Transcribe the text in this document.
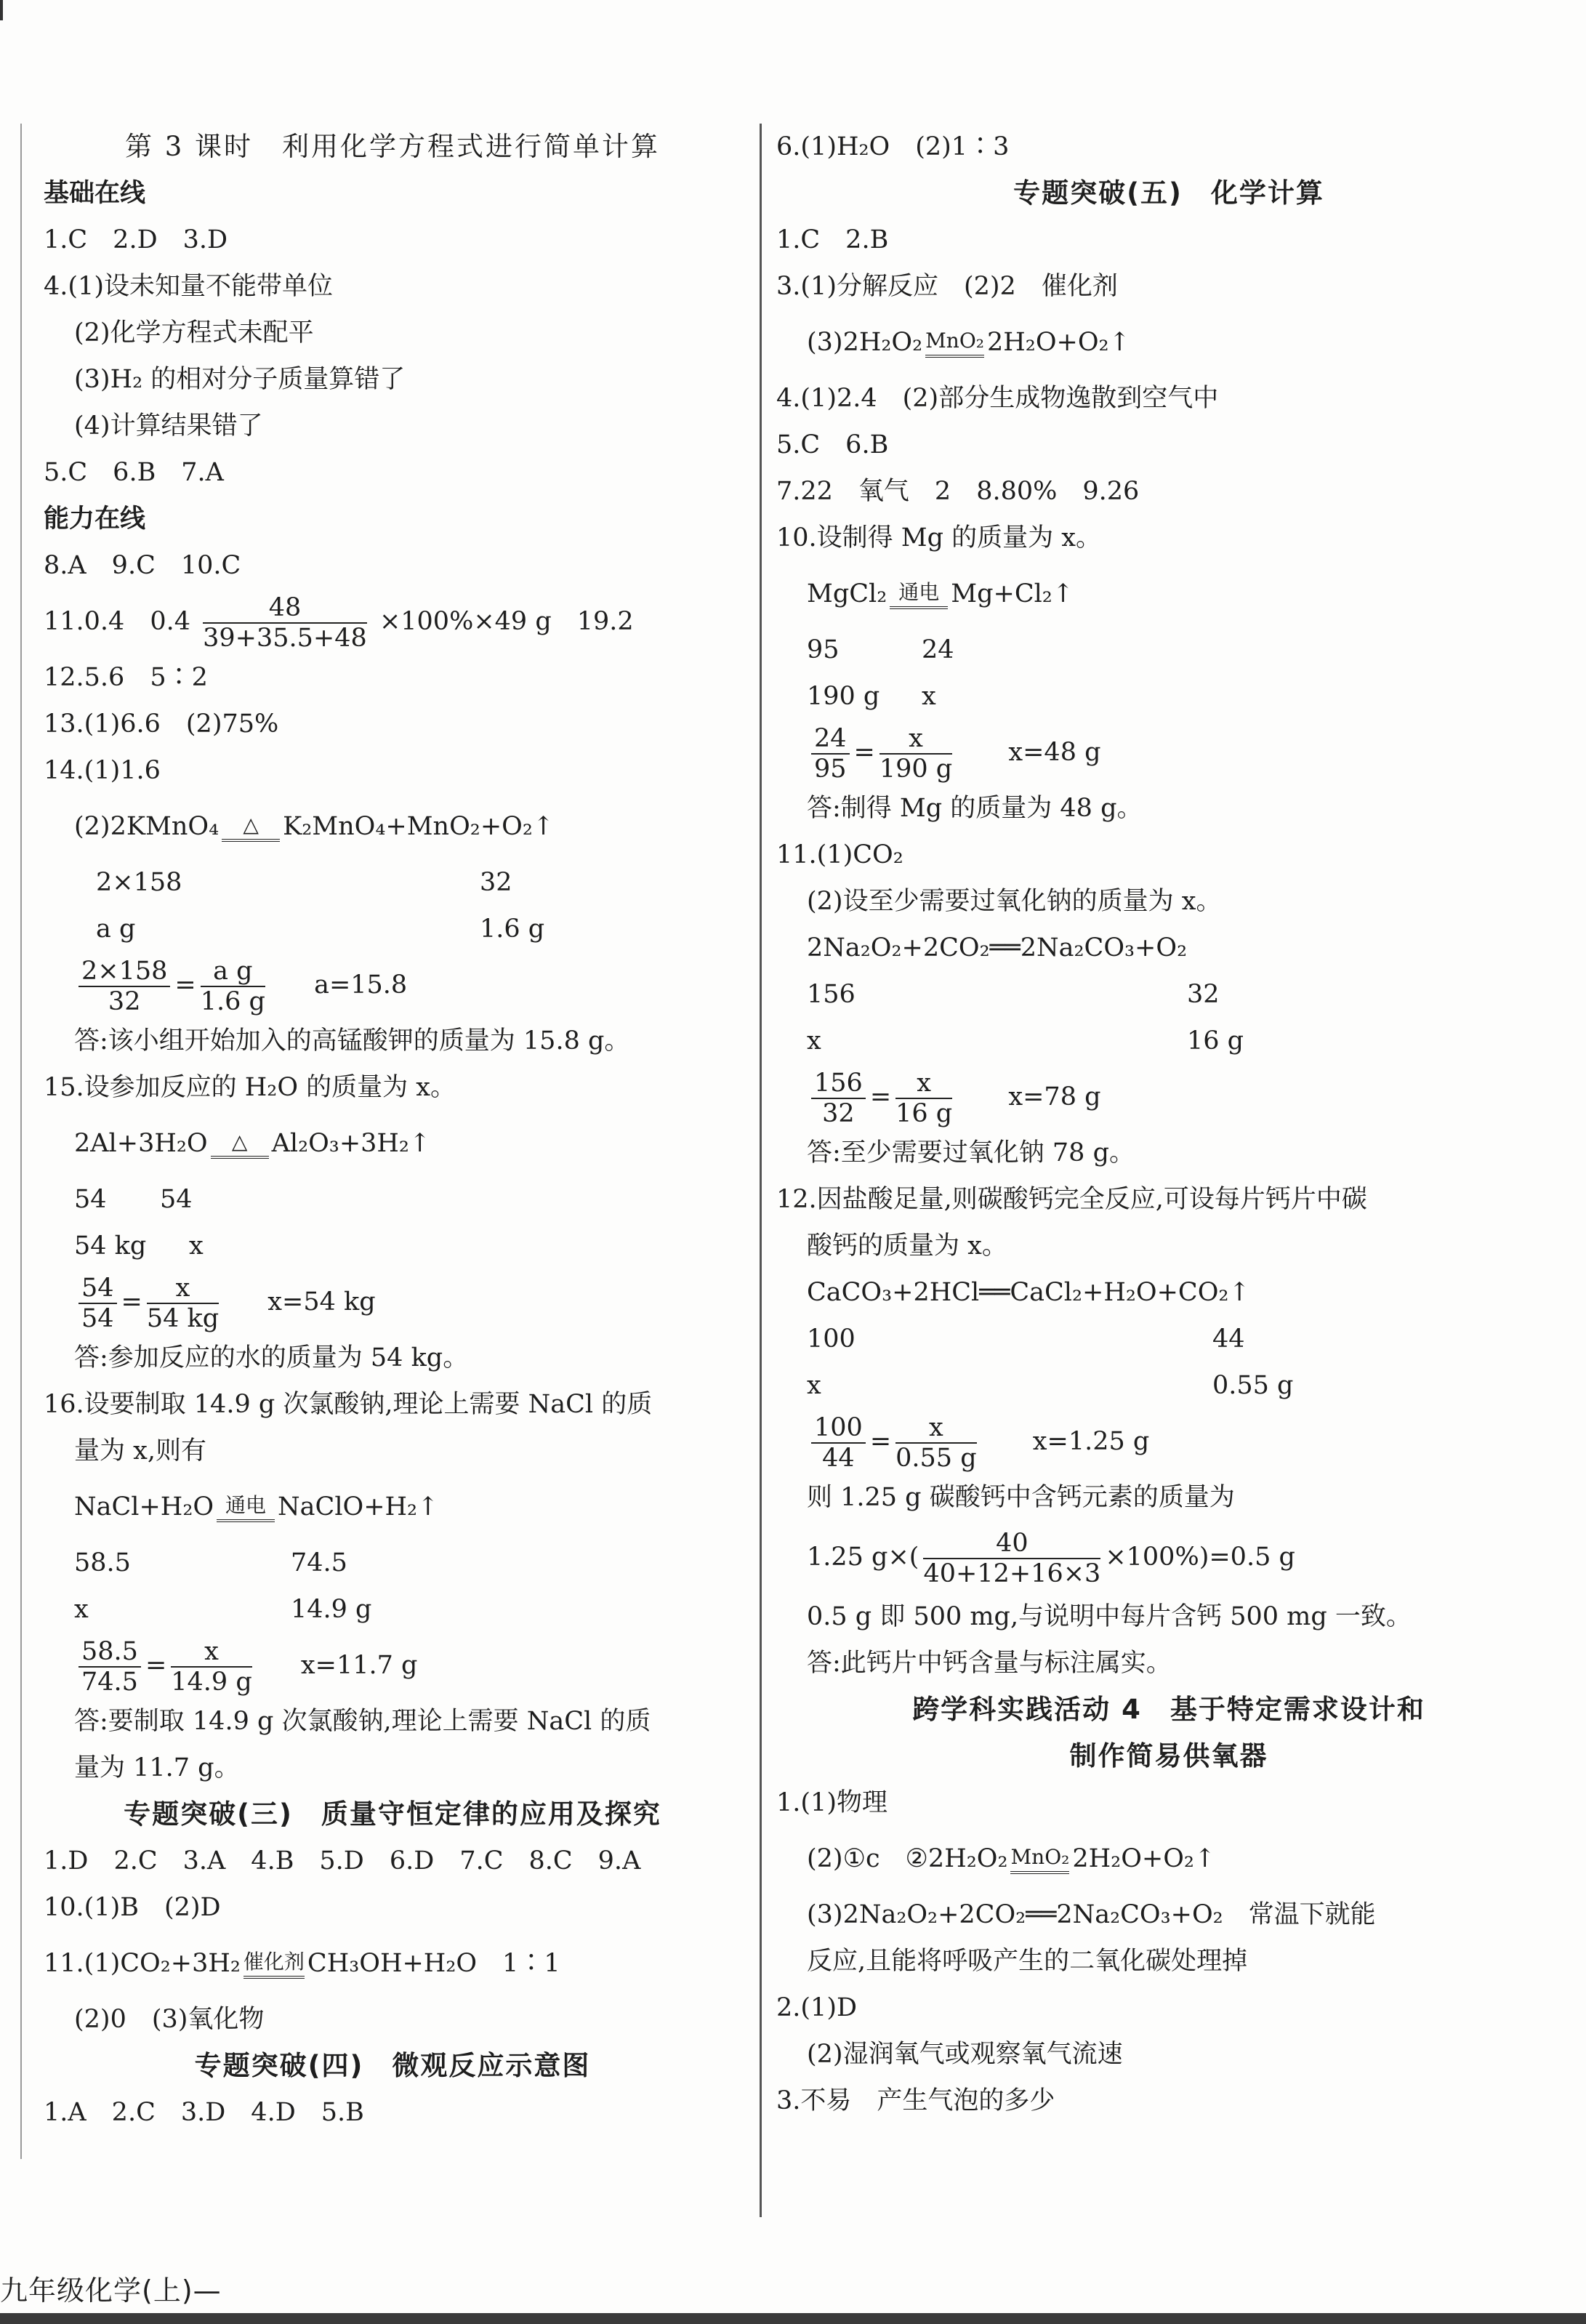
第 3 课时　利用化学方程式进行简单计算
基础在线
1.C　2.D　3.D
4.(1)设未知量不能带单位
(2)化学方程式未配平
(3)H₂ 的相对分子质量算错了
(4)计算结果错了
5.C　6.B　7.A
能力在线
8.A　9.C　10.C
11.0.4　$0.4 \frac{48}{39+35.5+48} \times 100\%\times 49$ g　19.2
12.5.6　5∶2
13.(1)6.6　(2)75%
14.(1)1.6
(2)2KMnO₄	△ K₂MnO₄+MnO₂+O₂↑
2×158	32
a g	1.6 g
$\frac{2\times 158}{32} = \frac{\text{a g}}{1.6 g} a=15.8$
答:该小组开始加入的高锰酸钾的质量为 15.8 g。
15.设参加反应的 H₂O 的质量为 x。
2Al+3H₂O	△ Al₂O₃+3H₂↑
54 54
54 kg x
$\frac{54}{54} = \frac{x}{54 kg} x=54$ kg
答:参加反应的水的质量为 54 kg。
16.设要制取 14.9 g 次氯酸钠,理论上需要 NaCl 的质
量为 x,则有
NaCl+H₂O 通电 NaClO+H₂↑
58.5	74.5
x	14.9 g
$\frac{58.5}{74.5} = \frac{x}{14.9 g} x=11.7$ g
答:要制取 14.9 g 次氯酸钠,理论上需要 NaCl 的质
量为 11.7 g。
专题突破(三)　质量守恒定律的应用及探究
1.D　2.C　3.A　4.B　5.D　6.D　7.C　8.C　9.A
10.(1)B　(2)D
11.(1)CO₂+3H₂ 催化剂 CH₃OH+H₂O　1∶1
(2)0　(3)氧化物
专题突破(四)　微观反应示意图
1.A　2.C　3.D　4.D　5.B
6.(1)H₂O　(2)1∶3
专题突破(五)　化学计算
1.C　2.B
3.(1)分解反应　(2)2　催化剂
(3)2H₂O₂ MnO₂ 2H₂O+O₂↑
4.(1)2.4　(2)部分生成物逸散到空气中
5.C　6.B
7.22　氧气　2　8.80%　9.26
10.设制得 Mg 的质量为 x。
MgCl₂ 通电 Mg+Cl₂↑
95	24
190 g x
$\frac{24}{95} = \frac{x}{190 g} x=48$ g
答:制得 Mg 的质量为 48 g。
11.(1)CO₂
(2)设至少需要过氧化钠的质量为 x。
2Na₂O₂+2CO₂══2Na₂CO₃+O₂
156	32
x	16 g
$\frac{156}{32} = \frac{x}{16 g} x=78$ g
答:至少需要过氧化钠 78 g。
12.因盐酸足量,则碳酸钙完全反应,可设每片钙片中碳
酸钙的质量为 x。
CaCO₃+2HCl══CaCl₂+H₂O+CO₂↑
100	44
x	0.55 g
$\frac{100}{44} = \frac{x}{0.55 g} x=1.25$ g
则 1.25 g 碳酸钙中含钙元素的质量为
1.25 $g\times( \frac{40}{40+12+16\times 3} \times 100\%)=0.5$ g
0.5 g 即 500 mg,与说明中每片含钙 500 mg 一致。
答:此钙片中钙含量与标注属实。
跨学科实践活动 4　基于特定需求设计和
制作简易供氧器
1.(1)物理
(2)①c　②2H₂O₂ MnO₂ 2H₂O+O₂↑
(3)2Na₂O₂+2CO₂══2Na₂CO₃+O₂　常温下就能
反应,且能将呼吸产生的二氧化碳处理掉
2.(1)D
(2)湿润氧气或观察氧气流速
3.不易　产生气泡的多少
九年级化学(上)—
